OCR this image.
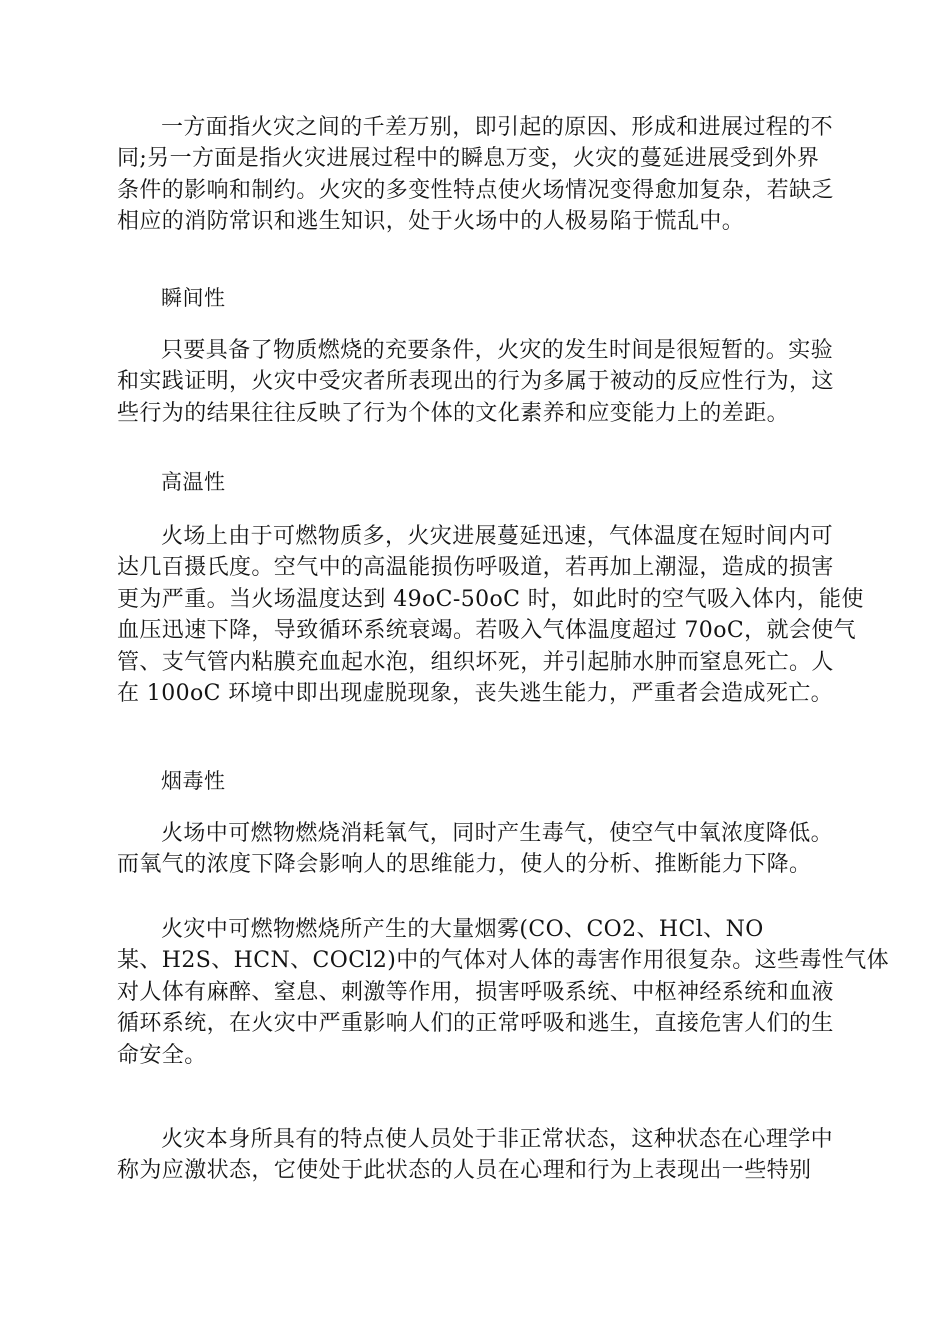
一方面指火灾之间的千差万别，即引起的原因、形成和进展过程的不
同;另一方面是指火灾进展过程中的瞬息万变，火灾的蔓延进展受到外界
条件的影响和制约。火灾的多变性特点使火场情况变得愈加复杂，若缺乏
相应的消防常识和逃生知识，处于火场中的人极易陷于慌乱中。
瞬间性
只要具备了物质燃烧的充要条件，火灾的发生时间是很短暂的。实验
和实践证明，火灾中受灾者所表现出的行为多属于被动的反应性行为，这
些行为的结果往往反映了行为个体的文化素养和应变能力上的差距。
高温性
火场上由于可燃物质多，火灾进展蔓延迅速，气体温度在短时间内可
达几百摄氏度。空气中的高温能损伤呼吸道，若再加上潮湿，造成的损害
更为严重。当火场温度达到 49oC-50oC 时，如此时的空气吸入体内，能使
血压迅速下降，导致循环系统衰竭。若吸入气体温度超过 70oC，就会使气
管、支气管内粘膜充血起水泡，组织坏死，并引起肺水肿而窒息死亡。人
在 100oC 环境中即出现虚脱现象，丧失逃生能力，严重者会造成死亡。
烟毒性
火场中可燃物燃烧消耗氧气，同时产生毒气，使空气中氧浓度降低。
而氧气的浓度下降会影响人的思维能力，使人的分析、推断能力下降。
火灾中可燃物燃烧所产生的大量烟雾(CO、CO2、HCl、NO
某、H2S、HCN、COCl2)中的气体对人体的毒害作用很复杂。这些毒性气体
对人体有麻醉、窒息、刺激等作用，损害呼吸系统、中枢神经系统和血液
循环系统，在火灾中严重影响人们的正常呼吸和逃生，直接危害人们的生
命安全。
火灾本身所具有的特点使人员处于非正常状态，这种状态在心理学中
称为应激状态，它使处于此状态的人员在心理和行为上表现出一些特别
